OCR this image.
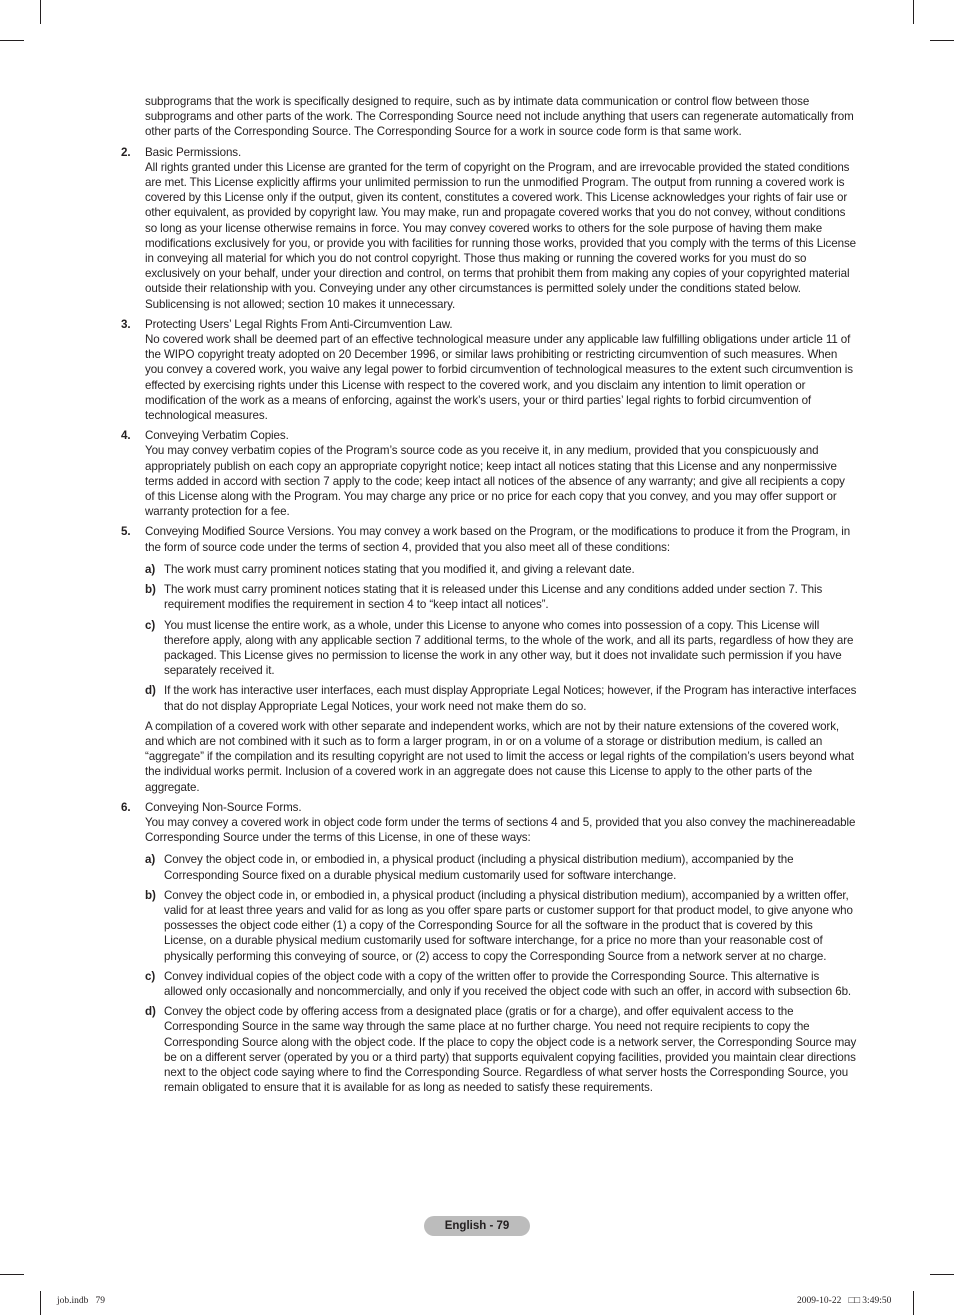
subprograms that the work is specifically designed to require, such as by intimate data communication or control flow between those subprograms and other parts of the work. The Corresponding Source need not include anything that users can regenerate automatically from other parts of the Corresponding Source. The Corresponding Source for a work in source code form is that same work.

2. Basic Permissions.

All rights granted under this License are granted for the term of copyright on the Program, and are irrevocable provided the stated conditions are met. This License explicitly affirms your unlimited permission to run the unmodified Program. The output from running a covered work is covered by this License only if the output, given its content, constitutes a covered work. This License acknowledges your rights of fair use or other equivalent, as provided by copyright law. You may make, run and propagate covered works that you do not convey, without conditions so long as your license otherwise remains in force. You may convey covered works to others for the sole purpose of having them make modifications exclusively for you, or provide you with facilities for running those works, provided that you comply with the terms of this License in conveying all material for which you do not control copyright. Those thus making or running the covered works for you must do so exclusively on your behalf, under your direction and control, on terms that prohibit them from making any copies of your copyrighted material outside their relationship with you. Conveying under any other circumstances is permitted solely under the conditions stated below. Sublicensing is not allowed; section 10 makes it unnecessary.

3. Protecting Users’ Legal Rights From Anti-Circumvention Law.

No covered work shall be deemed part of an effective technological measure under any applicable law fulfilling obligations under article 11 of the WIPO copyright treaty adopted on 20 December 1996, or similar laws prohibiting or restricting circumvention of such measures. When you convey a covered work, you waive any legal power to forbid circumvention of technological measures to the extent such circumvention is effected by exercising rights under this License with respect to the covered work, and you disclaim any intention to limit operation or modification of the work as a means of enforcing, against the work’s users, your or third parties’ legal rights to forbid circumvention of technological measures.

4. Conveying Verbatim Copies.

You may convey verbatim copies of the Program’s source code as you receive it, in any medium, provided that you conspicuously and appropriately publish on each copy an appropriate copyright notice; keep intact all notices stating that this License and any nonpermissive terms added in accord with section 7 apply to the code; keep intact all notices of the absence of any warranty; and give all recipients a copy of this License along with the Program. You may charge any price or no price for each copy that you convey, and you may offer support or warranty protection for a fee.

5. Conveying Modified Source Versions. You may convey a work based on the Program, or the modifications to produce it from the Program, in the form of source code under the terms of section 4, provided that you also meet all of these conditions:

a) The work must carry prominent notices stating that you modified it, and giving a relevant date.

b) The work must carry prominent notices stating that it is released under this License and any conditions added under section 7. This requirement modifies the requirement in section 4 to “keep intact all notices”.

c) You must license the entire work, as a whole, under this License to anyone who comes into possession of a copy. This License will therefore apply, along with any applicable section 7 additional terms, to the whole of the work, and all its parts, regardless of how they are packaged. This License gives no permission to license the work in any other way, but it does not invalidate such permission if you have separately received it.

d) If the work has interactive user interfaces, each must display Appropriate Legal Notices; however, if the Program has interactive interfaces that do not display Appropriate Legal Notices, your work need not make them do so.

A compilation of a covered work with other separate and independent works, which are not by their nature extensions of the covered work, and which are not combined with it such as to form a larger program, in or on a volume of a storage or distribution medium, is called an “aggregate” if the compilation and its resulting copyright are not used to limit the access or legal rights of the compilation’s users beyond what the individual works permit. Inclusion of a covered work in an aggregate does not cause this License to apply to the other parts of the aggregate.

6. Conveying Non-Source Forms.

You may convey a covered work in object code form under the terms of sections 4 and 5, provided that you also convey the machinereadable Corresponding Source under the terms of this License, in one of these ways:

a) Convey the object code in, or embodied in, a physical product (including a physical distribution medium), accompanied by the Corresponding Source fixed on a durable physical medium customarily used for software interchange.

b) Convey the object code in, or embodied in, a physical product (including a physical distribution medium), accompanied by a written offer, valid for at least three years and valid for as long as you offer spare parts or customer support for that product model, to give anyone who possesses the object code either (1) a copy of the Corresponding Source for all the software in the product that is covered by this License, on a durable physical medium customarily used for software interchange, for a price no more than your reasonable cost of physically performing this conveying of source, or (2) access to copy the Corresponding Source from a network server at no charge.

c) Convey individual copies of the object code with a copy of the written offer to provide the Corresponding Source. This alternative is allowed only occasionally and noncommercially, and only if you received the object code with such an offer, in accord with subsection 6b.

d) Convey the object code by offering access from a designated place (gratis or for a charge), and offer equivalent access to the Corresponding Source in the same way through the same place at no further charge. You need not require recipients to copy the Corresponding Source along with the object code. If the place to copy the object code is a network server, the Corresponding Source may be on a different server (operated by you or a third party) that supports equivalent copying facilities, provided you maintain clear directions next to the object code saying where to find the Corresponding Source. Regardless of what server hosts the Corresponding Source, you remain obligated to ensure that it is available for as long as needed to satisfy these requirements.

English - 79
job.indb   79	2009-10-22   □□ 3:49:50
